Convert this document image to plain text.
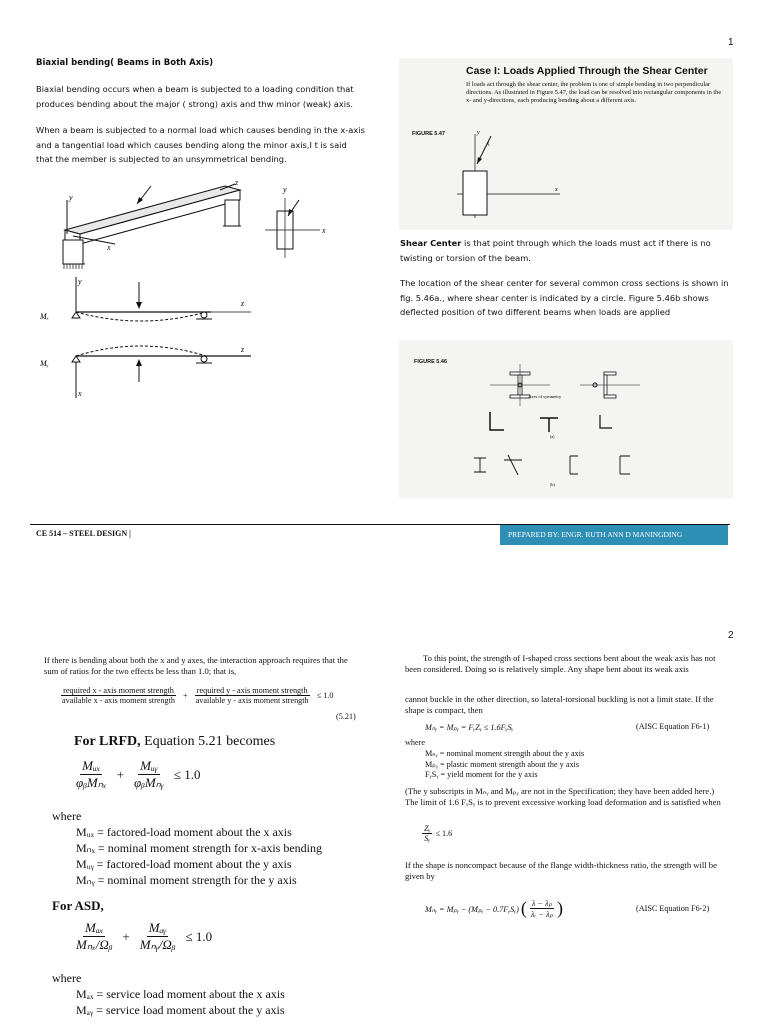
1
Biaxial bending( Beams in Both Axis)
Biaxial bending occurs when a beam is subjected to a loading condition that produces bending about the major ( strong) axis and thw minor (weak) axis.
When a beam is subjected to a normal load which causes bending in the x-axis and a tangential load which causes bending along the minor axis,I t is said that the member is subjected to an unsymmetrical bending.
y
x
z
y
x
Mₓ
y
z
Mᵧ
z
x
Case I: Loads Applied Through the Shear Center
If loads act through the shear center, the problem is one of simple bending in two perpendicular directions. As illustrated in Figure 5.47, the load can be resolved into rectangular components in the x- and y-directions, each producing bending about a different axis.
FIGURE 5.47	y
x
P
Shear Center is that point through which the loads must act if there is no twisting or torsion of the beam.
The location of the shear center for several common cross sections is shown in fig. 5.46a., where shear center is indicated by a circle. Figure 5.46b shows deflected position of two different beams when loads are applied
FIGURE 5.46
Axes of symmetry
(a)
(b)
CE 514 – STEEL DESIGN |	PREPARED BY: ENGR. RUTH ANN D MANINGDING
2
If there is bending about both the x and y axes, the interaction approach requires that the sum of ratios for the two effects be less than 1.0; that is,
$\frac{\text{required x - axis moment strength}}{\text{available x - axis moment strength}} + \frac{\text{required y - axis moment strength}}{\text{available y - axis moment strength}} \le 1.0$
(5.21)
For LRFD, Equation 5.21 becomes
$\frac{\text{Mᵤₓ}}{\text{φᵦMₙₓ}} + \frac{\text{Mᵤᵧ}}{\text{φᵦMₙᵧ}} \le 1.0$
where
Mᵤₓ = factored-load moment about the x axis
Mₙₓ = nominal moment strength for x-axis bending
Mᵤᵧ = factored-load moment about the y axis
Mₙᵧ = nominal moment strength for the y axis
For ASD,
$\frac{\text{Mₐₓ}}{\text{Mₙₓ/Ωᵦ}} + \frac{\text{Mₐᵧ}}{\text{Mₙᵧ/Ωᵦ}} \le 1.0$
where
Mₐₓ = service load moment about the x axis
Mₐᵧ = service load moment about the y axis
To this point, the strength of I-shaped cross sections bent about the weak axis has not been considered. Doing so is relatively simple. Any shape bent about its weak axis
cannot buckle in the other direction, so lateral-torsional buckling is not a limit state. If the shape is compact, then
Mₙᵧ = Mₚᵧ = FᵧZᵧ ≤ 1.6FᵧSᵧ	(AISC Equation F6-1)
where
Mₙᵧ = nominal moment strength about the y axis
Mₚᵧ = plastic moment strength about the y axis
FᵧSᵧ = yield moment for the y axis
(The y subscripts in Mₙᵧ and Mₚᵧ are not in the Specification; they have been added here.) The limit of 1.6 FᵧSᵧ is to prevent excessive working load deformation and is satisfied when
$\frac{\text{Zᵧ}}{\text{Sᵧ}} \le 1.6$
If the shape is noncompact because of the flange width-thickness ratio, the strength will be given by
Mₙᵧ = Mₚᵧ − (Mₚᵧ − 0.7FᵧSᵧ) ( $\frac{\text{λ − λₚ}}{\text{λᵣ − λₚ}}$ )	(AISC Equation F6-2)
